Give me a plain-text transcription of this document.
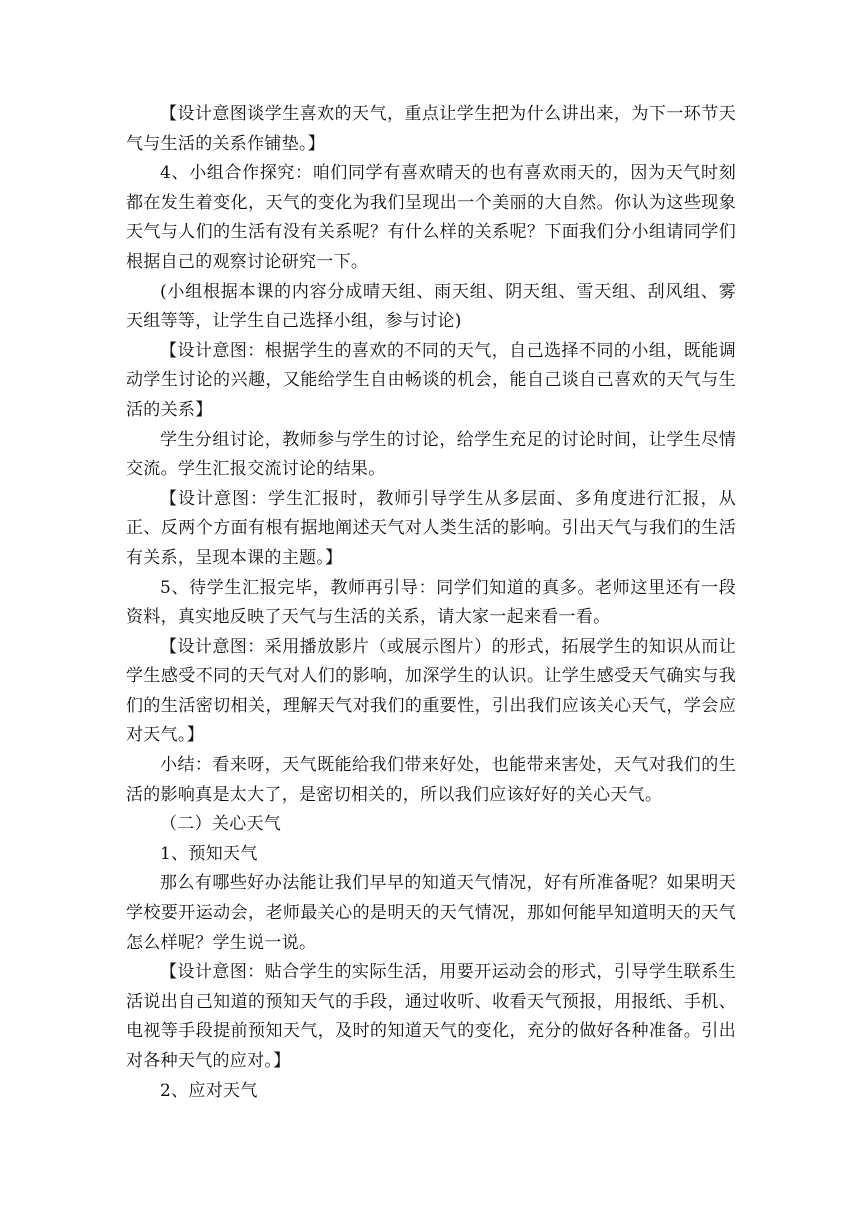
【设计意图谈学生喜欢的天气，重点让学生把为什么讲出来，为下一环节天气与生活的关系作铺垫。】

4、小组合作探究：咱们同学有喜欢晴天的也有喜欢雨天的，因为天气时刻都在发生着变化，天气的变化为我们呈现出一个美丽的大自然。你认为这些现象天气与人们的生活有没有关系呢？有什么样的关系呢？下面我们分小组请同学们根据自己的观察讨论研究一下。

(小组根据本课的内容分成晴天组、雨天组、阴天组、雪天组、刮风组、雾天组等等，让学生自己选择小组，参与讨论)

【设计意图：根据学生的喜欢的不同的天气，自己选择不同的小组，既能调动学生讨论的兴趣，又能给学生自由畅谈的机会，能自己谈自己喜欢的天气与生活的关系】

学生分组讨论，教师参与学生的讨论，给学生充足的讨论时间，让学生尽情交流。学生汇报交流讨论的结果。

【设计意图：学生汇报时，教师引导学生从多层面、多角度进行汇报，从正、反两个方面有根有据地阐述天气对人类生活的影响。引出天气与我们的生活有关系，呈现本课的主题。】

5、待学生汇报完毕，教师再引导：同学们知道的真多。老师这里还有一段资料，真实地反映了天气与生活的关系，请大家一起来看一看。

【设计意图：采用播放影片（或展示图片）的形式，拓展学生的知识从而让学生感受不同的天气对人们的影响，加深学生的认识。让学生感受天气确实与我们的生活密切相关，理解天气对我们的重要性，引出我们应该关心天气，学会应对天气。】

小结：看来呀，天气既能给我们带来好处，也能带来害处，天气对我们的生活的影响真是太大了，是密切相关的，所以我们应该好好的关心天气。

（二）关心天气

1、预知天气

那么有哪些好办法能让我们早早的知道天气情况，好有所准备呢？如果明天学校要开运动会，老师最关心的是明天的天气情况，那如何能早知道明天的天气怎么样呢？学生说一说。

【设计意图：贴合学生的实际生活，用要开运动会的形式，引导学生联系生活说出自己知道的预知天气的手段，通过收听、收看天气预报，用报纸、手机、电视等手段提前预知天气，及时的知道天气的变化，充分的做好各种准备。引出对各种天气的应对。】

2、应对天气
